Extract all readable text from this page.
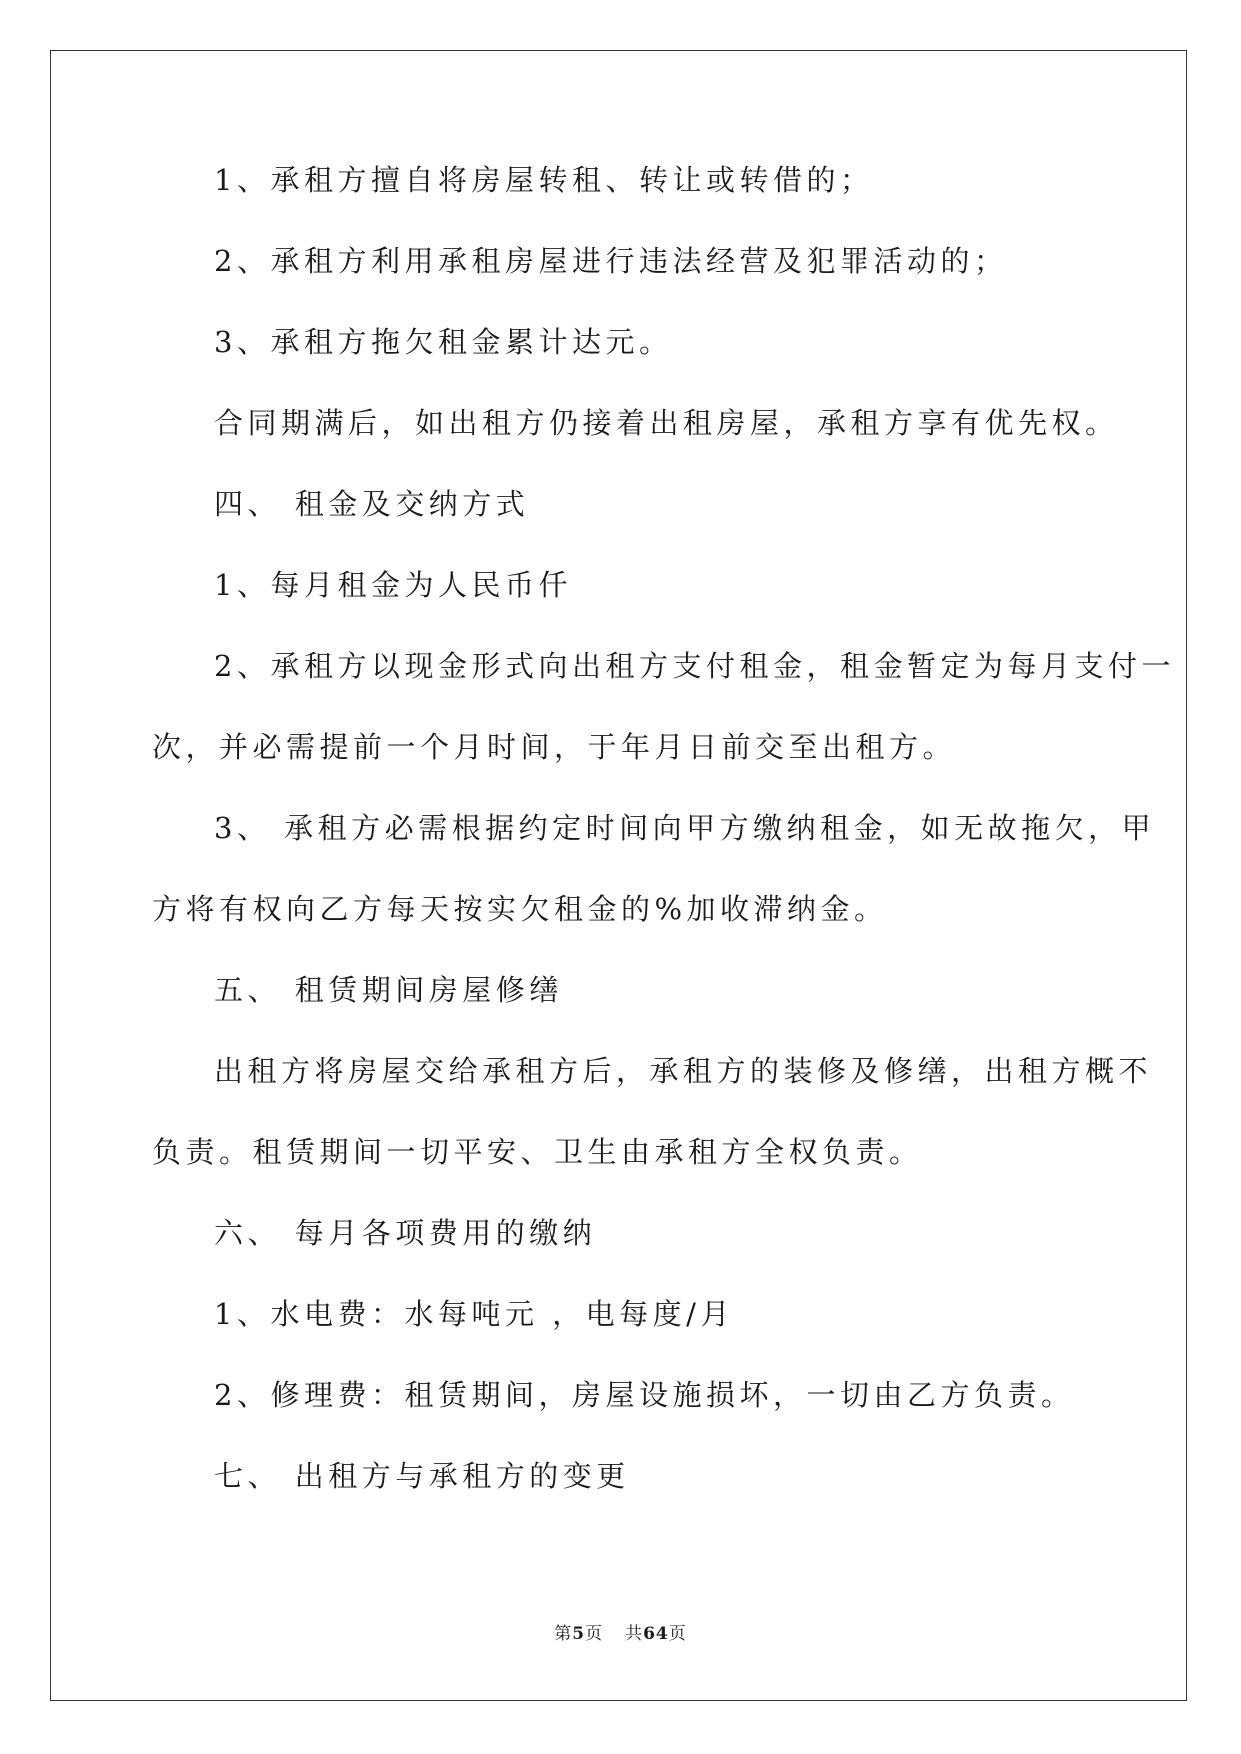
1、承租方擅自将房屋转租、转让或转借的；
2、承租方利用承租房屋进行违法经营及犯罪活动的；
3、承租方拖欠租金累计达元。
合同期满后，如出租方仍接着出租房屋，承租方享有优先权。
四、 租金及交纳方式
1、每月租金为人民币仟
2、承租方以现金形式向出租方支付租金，租金暂定为每月支付一
次，并必需提前一个月时间，于年月日前交至出租方。
3、 承租方必需根据约定时间向甲方缴纳租金，如无故拖欠，甲
方将有权向乙方每天按实欠租金的%加收滞纳金。
五、 租赁期间房屋修缮
出租方将房屋交给承租方后，承租方的装修及修缮，出租方概不
负责。租赁期间一切平安、卫生由承租方全权负责。
六、 每月各项费用的缴纳
1、水电费：水每吨元 ，电每度/月
2、修理费：租赁期间，房屋设施损坏，一切由乙方负责。
七、 出租方与承租方的变更
第5页 共64页
